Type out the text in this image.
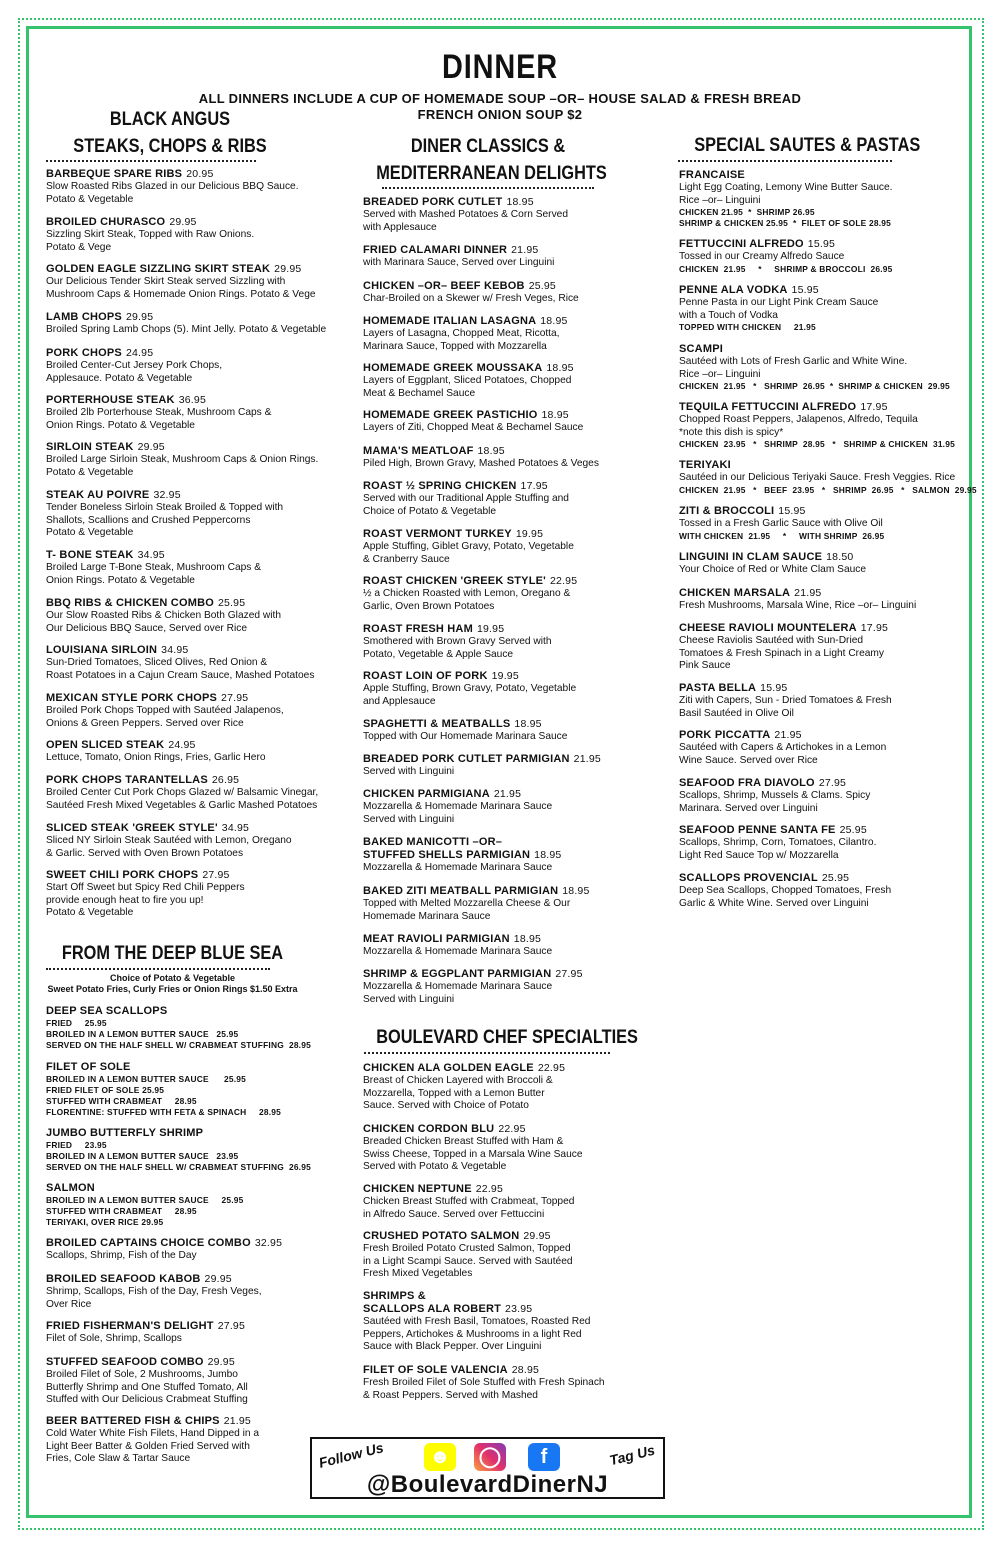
DINNER
ALL DINNERS INCLUDE A CUP OF HOMEMADE SOUP –OR– HOUSE SALAD & FRESH BREAD
FRENCH ONION SOUP $2
BLACK ANGUS
STEAKS, CHOPS & RIBS	DINER CLASSICS &
MEDITERRANEAN DELIGHTS
SPECIAL SAUTES & PASTAS
FROM THE DEEP BLUE SEA
Choice of Potato & Vegetable
Sweet Potato Fries, Curly Fries or Onion Rings $1.50 Extra
BOULEVARD CHEF SPECIALTIES
BARBEQUE SPARE RIBS 20.95
Slow Roasted Ribs Glazed in our Delicious BBQ Sauce.
Potato & Vegetable
BROILED CHURASCO 29.95
Sizzling Skirt Steak, Topped with Raw Onions.
Potato & Vege
GOLDEN EAGLE SIZZLING SKIRT STEAK 29.95
Our Delicious Tender Skirt Steak served Sizzling with
Mushroom Caps & Homemade Onion Rings. Potato & Vege
LAMB CHOPS 29.95
Broiled Spring Lamb Chops (5). Mint Jelly. Potato & Vegetable
PORK CHOPS 24.95
Broiled Center-Cut Jersey Pork Chops,
Applesauce. Potato & Vegetable
PORTERHOUSE STEAK 36.95
Broiled 2lb Porterhouse Steak, Mushroom Caps &
Onion Rings. Potato & Vegetable
SIRLOIN STEAK 29.95
Broiled Large Sirloin Steak, Mushroom Caps & Onion Rings.
Potato & Vegetable
STEAK AU POIVRE 32.95
Tender Boneless Sirloin Steak Broiled & Topped with
Shallots, Scallions and Crushed Peppercorns
Potato & Vegetable
T- BONE STEAK 34.95
Broiled Large T-Bone Steak, Mushroom Caps &
Onion Rings. Potato & Vegetable
BBQ RIBS & CHICKEN COMBO 25.95
Our Slow Roasted Ribs & Chicken Both Glazed with
Our Delicious BBQ Sauce, Served over Rice
LOUISIANA SIRLOIN 34.95
Sun-Dried Tomatoes, Sliced Olives, Red Onion &
Roast Potatoes in a Cajun Cream Sauce, Mashed Potatoes
MEXICAN STYLE PORK CHOPS 27.95
Broiled Pork Chops Topped with Sautéed Jalapenos,
Onions & Green Peppers. Served over Rice
OPEN SLICED STEAK 24.95
Lettuce, Tomato, Onion Rings, Fries, Garlic Hero
PORK CHOPS TARANTELLAS 26.95
Broiled Center Cut Pork Chops Glazed w/ Balsamic Vinegar,
Sautéed Fresh Mixed Vegetables & Garlic Mashed Potatoes
SLICED STEAK 'GREEK STYLE' 34.95
Sliced NY Sirloin Steak Sautéed with Lemon, Oregano
& Garlic. Served with Oven Brown Potatoes
SWEET CHILI PORK CHOPS 27.95
Start Off Sweet but Spicy Red Chili Peppers
provide enough heat to fire you up!
Potato & Vegetable
DEEP SEA SCALLOPS
FRIED     25.95
BROILED IN A LEMON BUTTER SAUCE   25.95
SERVED ON THE HALF SHELL W/ CRABMEAT STUFFING  28.95
FILET OF SOLE
BROILED IN A LEMON BUTTER SAUCE      25.95
FRIED FILET OF SOLE 25.95
STUFFED WITH CRABMEAT     28.95
FLORENTINE: STUFFED WITH FETA & SPINACH     28.95
JUMBO BUTTERFLY SHRIMP
FRIED     23.95
BROILED IN A LEMON BUTTER SAUCE   23.95
SERVED ON THE HALF SHELL W/ CRABMEAT STUFFING  26.95
SALMON
BROILED IN A LEMON BUTTER SAUCE     25.95
STUFFED WITH CRABMEAT     28.95
TERIYAKI, OVER RICE 29.95
BROILED CAPTAINS CHOICE COMBO 32.95
Scallops, Shrimp, Fish of the Day
BROILED SEAFOOD KABOB 29.95
Shrimp, Scallops, Fish of the Day, Fresh Veges,
Over Rice
FRIED FISHERMAN'S DELIGHT 27.95
Filet of Sole, Shrimp, Scallops
STUFFED SEAFOOD COMBO 29.95
Broiled Filet of Sole, 2 Mushrooms, Jumbo
Butterfly Shrimp and One Stuffed Tomato, All
Stuffed with Our Delicious Crabmeat Stuffing
BEER BATTERED FISH & CHIPS 21.95
Cold Water White Fish Filets, Hand Dipped in a
Light Beer Batter & Golden Fried Served with
Fries, Cole Slaw & Tartar Sauce
BREADED PORK CUTLET 18.95
Served with Mashed Potatoes & Corn Served
with Applesauce
FRIED CALAMARI DINNER 21.95
with Marinara Sauce, Served over Linguini
CHICKEN –OR– BEEF KEBOB 25.95
Char-Broiled on a Skewer w/ Fresh Veges, Rice
HOMEMADE ITALIAN LASAGNA 18.95
Layers of Lasagna, Chopped Meat, Ricotta,
Marinara Sauce, Topped with Mozzarella
HOMEMADE GREEK MOUSSAKA 18.95
Layers of Eggplant, Sliced Potatoes, Chopped
Meat & Bechamel Sauce
HOMEMADE GREEK PASTICHIO 18.95
Layers of Ziti, Chopped Meat & Bechamel Sauce
MAMA'S MEATLOAF 18.95
Piled High, Brown Gravy, Mashed Potatoes & Veges
ROAST ½ SPRING CHICKEN 17.95
Served with our Traditional Apple Stuffing and
Choice of Potato & Vegetable
ROAST VERMONT TURKEY 19.95
Apple Stuffing, Giblet Gravy, Potato, Vegetable
& Cranberry Sauce
ROAST CHICKEN 'GREEK STYLE' 22.95
½ a Chicken Roasted with Lemon, Oregano &
Garlic, Oven Brown Potatoes
ROAST FRESH HAM 19.95
Smothered with Brown Gravy Served with
Potato, Vegetable & Apple Sauce
ROAST LOIN OF PORK 19.95
Apple Stuffing, Brown Gravy, Potato, Vegetable
and Applesauce
SPAGHETTI & MEATBALLS 18.95
Topped with Our Homemade Marinara Sauce
BREADED PORK CUTLET PARMIGIAN 21.95
Served with Linguini
CHICKEN PARMIGIANA 21.95
Mozzarella & Homemade Marinara Sauce
Served with Linguini
BAKED MANICOTTI –OR–
STUFFED SHELLS PARMIGIAN 18.95
Mozzarella & Homemade Marinara Sauce
BAKED ZITI MEATBALL PARMIGIAN 18.95
Topped with Melted Mozzarella Cheese & Our
Homemade Marinara Sauce
MEAT RAVIOLI PARMIGIAN 18.95
Mozzarella & Homemade Marinara Sauce
SHRIMP & EGGPLANT PARMIGIAN 27.95
Mozzarella & Homemade Marinara Sauce
Served with Linguini
CHICKEN ALA GOLDEN EAGLE 22.95
Breast of Chicken Layered with Broccoli &
Mozzarella, Topped with a Lemon Butter
Sauce. Served with Choice of Potato
CHICKEN CORDON BLU 22.95
Breaded Chicken Breast Stuffed with Ham &
Swiss Cheese, Topped in a Marsala Wine Sauce
Served with Potato & Vegetable
CHICKEN NEPTUNE 22.95
Chicken Breast Stuffed with Crabmeat, Topped
in Alfredo Sauce. Served over Fettuccini
CRUSHED POTATO SALMON 29.95
Fresh Broiled Potato Crusted Salmon, Topped
in a Light Scampi Sauce. Served with Sautéed
Fresh Mixed Vegetables
SHRIMPS &
SCALLOPS ALA ROBERT 23.95
Sautéed with Fresh Basil, Tomatoes, Roasted Red
Peppers, Artichokes & Mushrooms in a light Red
Sauce with Black Pepper. Over Linguini
FILET OF SOLE VALENCIA 28.95
Fresh Broiled Filet of Sole Stuffed with Fresh Spinach
& Roast Peppers. Served with Mashed
FRANCAISE
Light Egg Coating, Lemony Wine Butter Sauce.
Rice –or– Linguini
CHICKEN 21.95  *  SHRIMP 26.95
SHRIMP & CHICKEN 25.95  *  FILET OF SOLE 28.95
FETTUCCINI ALFREDO 15.95
Tossed in our Creamy Alfredo Sauce
CHICKEN  21.95     *     SHRIMP & BROCCOLI  26.95
PENNE ALA VODKA 15.95
Penne Pasta in our Light Pink Cream Sauce
with a Touch of Vodka
TOPPED WITH CHICKEN     21.95
SCAMPI
Sautéed with Lots of Fresh Garlic and White Wine.
Rice –or– Linguini
CHICKEN  21.95   *   SHRIMP  26.95  *  SHRIMP & CHICKEN  29.95
TEQUILA FETTUCCINI ALFREDO 17.95
Chopped Roast Peppers, Jalapenos, Alfredo, Tequila
*note this dish is spicy*
CHICKEN  23.95   *   SHRIMP  28.95   *   SHRIMP & CHICKEN  31.95
TERIYAKI
Sautéed in our Delicious Teriyaki Sauce. Fresh Veggies. Rice
CHICKEN  21.95   *   BEEF  23.95   *   SHRIMP  26.95   *   SALMON  29.95
ZITI & BROCCOLI 15.95
Tossed in a Fresh Garlic Sauce with Olive Oil
WITH CHICKEN  21.95     *     WITH SHRIMP  26.95
LINGUINI IN CLAM SAUCE 18.50
Your Choice of Red or White Clam Sauce
CHICKEN MARSALA 21.95
Fresh Mushrooms, Marsala Wine, Rice –or– Linguini
CHEESE RAVIOLI MOUNTELERA 17.95
Cheese Raviolis Sautéed with Sun-Dried
Tomatoes & Fresh Spinach in a Light Creamy
Pink Sauce
PASTA BELLA 15.95
Ziti with Capers, Sun - Dried Tomatoes & Fresh
Basil Sautéed in Olive Oil
PORK PICCATTA 21.95
Sautéed with Capers & Artichokes in a Lemon
Wine Sauce. Served over Rice
SEAFOOD FRA DIAVOLO 27.95
Scallops, Shrimp, Mussels & Clams. Spicy
Marinara. Served over Linguini
SEAFOOD PENNE SANTA FE 25.95
Scallops, Shrimp, Corn, Tomatoes, Cilantro.
Light Red Sauce Top w/ Mozzarella
SCALLOPS PROVENCIAL 25.95
Deep Sea Scallops, Chopped Tomatoes, Fresh
Garlic & White Wine. Served over Linguini
Follow Us ☻ ◯	f	Tag Us
@BoulevardDinerNJ
